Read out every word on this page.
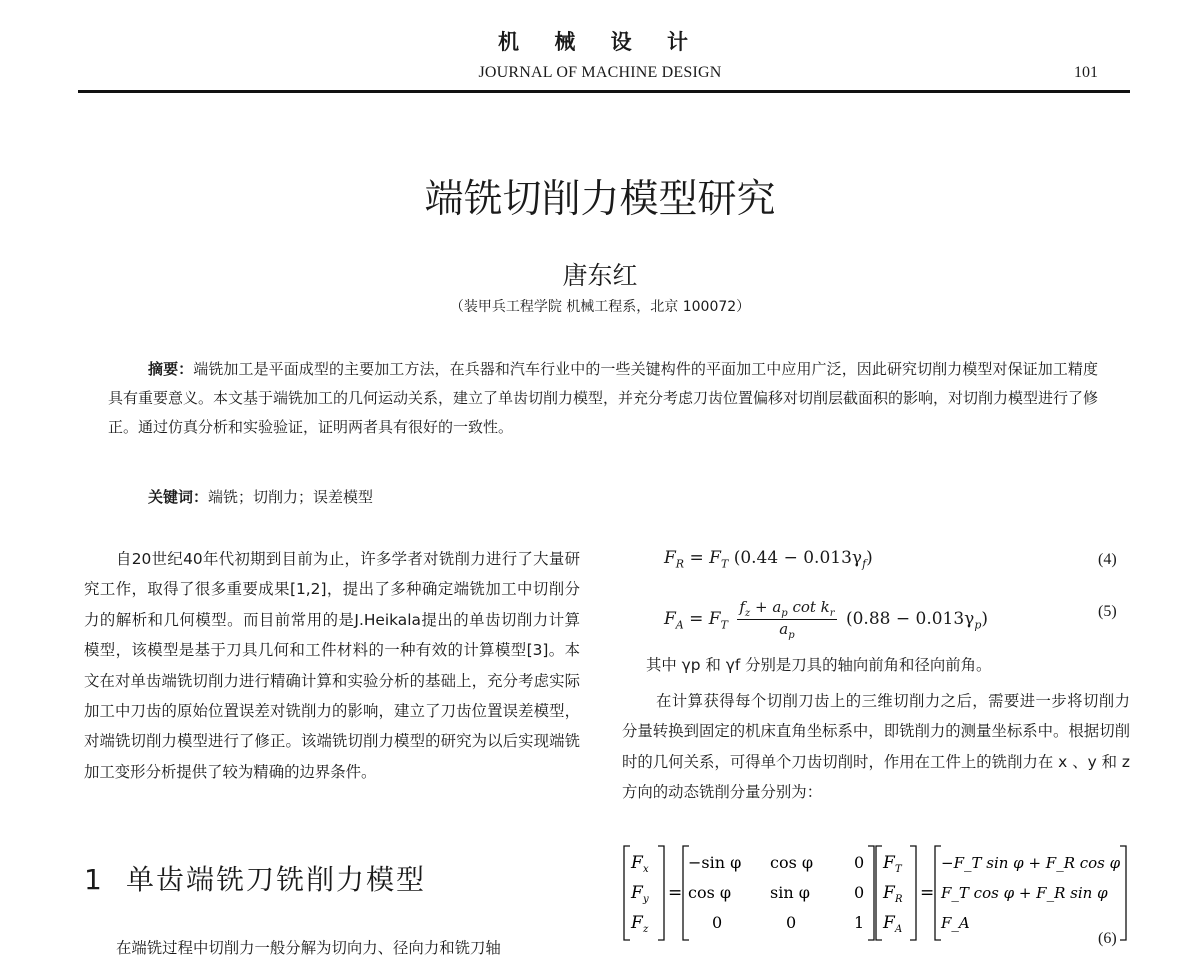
机 械 设 计
JOURNAL OF MACHINE DESIGN	101
端铣切削力模型研究
唐东红
（装甲兵工程学院 机械工程系，北京 100072）
摘要：端铣加工是平面成型的主要加工方法，在兵器和汽车行业中的一些关键构件的平面加工中应用广泛，因此研究切削力模型对保证加工精度具有重要意义。本文基于端铣加工的几何运动关系，建立了单齿切削力模型，并充分考虑刀齿位置偏移对切削层截面积的影响，对切削力模型进行了修正。通过仿真分析和实验验证，证明两者具有很好的一致性。
关键词：端铣；切削力；误差模型
自20世纪40年代初期到目前为止，许多学者对铣削力进行了大量研究工作，取得了很多重要成果[1,2]，提出了多种确定端铣加工中切削分力的解析和几何模型。而目前常用的是J.Heikala提出的单齿切削力计算模型，该模型是基于刀具几何和工件材料的一种有效的计算模型[3]。本文在对单齿端铣切削力进行精确计算和实验分析的基础上，充分考虑实际加工中刀齿的原始位置误差对铣削力的影响，建立了刀齿位置误差模型，对端铣切削力模型进行了修正。该端铣切削力模型的研究为以后实现端铣加工变形分析提供了较为精确的边界条件。
1 单齿端铣刀铣削力模型
在端铣过程中切削力一般分解为切向力、径向力和铣刀轴
$F_R = F_T$ $(0.44 - 0.013\gamma_f)$	(4)
$F_A = F_T \frac{f_z + a_p \cot k_r}{a_p} (0.88 - 0.013\gamma_p)$	(5)
其中 γp 和 γf 分别是刀具的轴向前角和径向前角。
在计算获得每个切削刀齿上的三维切削力之后，需要进一步将切削力分量转换到固定的机床直角坐标系中，即铣削力的测量坐标系中。根据切削时的几何关系，可得单个刀齿切削时，作用在工件上的铣削力在 x 、y 和 z 方向的动态铣削分量分别为：
F x
F y
F z
=
−sin φ cos φ	0
cos φ sin φ	0
0	0	1
F T
F R
F A
=
−F_T sin φ + F_R cos φ
F_T cos φ + F_R sin φ
F_A
(6)
